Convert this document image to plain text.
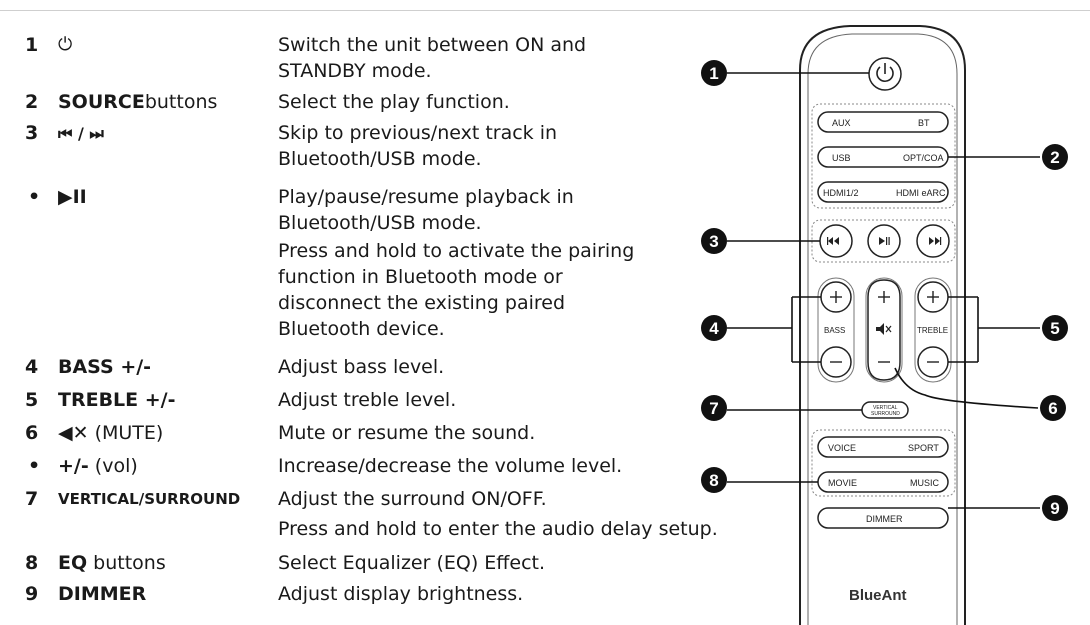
1 ⏻	Switch the unit between ON and
STANDBY mode.
2 SOURCEbuttons	Select the play function.
3 ⏮ / ⏭	Skip to previous/next track in
Bluetooth/USB mode.
• ▶II	Play/pause/resume playback in
Bluetooth/USB mode.
Press and hold to activate the pairing
function in Bluetooth mode or
disconnect the existing paired
Bluetooth device.
4 BASS +/-	Adjust bass level.
5 TREBLE +/-	Adjust treble level.
6 ◀✕ (MUTE)	Mute or resume the sound.
• +/- (vol)	Increase/decrease the volume level.
7 VERTICAL/SURROUND Adjust the surround ON/OFF.
Press and hold to enter the audio delay setup.
8 EQ buttons	Select Equalizer (EQ) Effect.
9 DIMMER	Adjust display brightness.
AUX	BT
USB	OPT/COA
HDMI1/2	HDMI eARC
BASS	TREBLE
VERTICAL
SURROUND
VOICE	SPORT
MOVIE	MUSIC
DIMMER
BlueAnt
1
2
3
4	5
6
7
8
9
